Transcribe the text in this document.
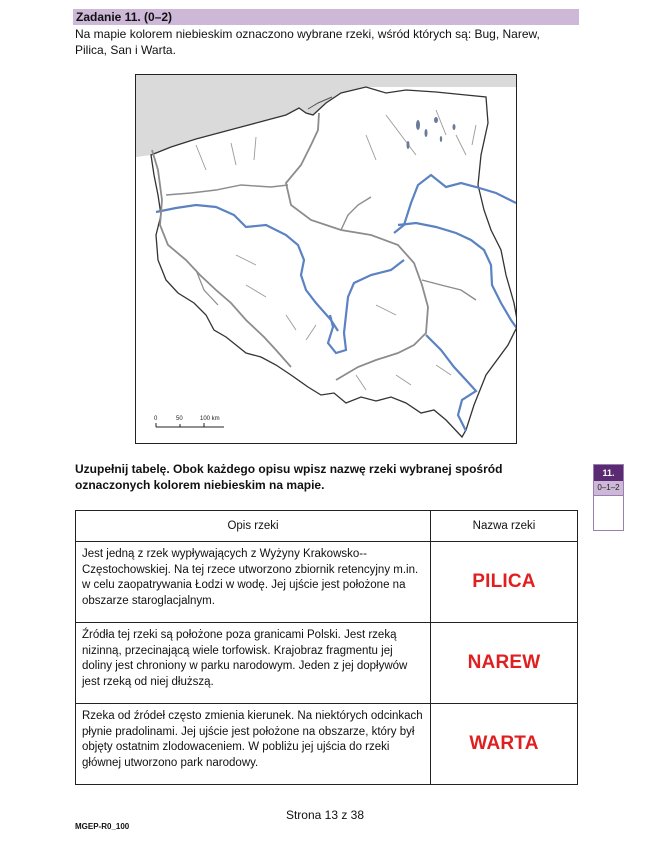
Zadanie 11. (0–2)
Na mapie kolorem niebieskim oznaczono wybrane rzeki, wśród których są: Bug, Narew, Pilica, San i Warta.
0	50	100 km
Uzupełnij tabelę. Obok każdego opisu wpisz nazwę rzeki wybranej spośród oznaczonych kolorem niebieskim na mapie.
11.
0–1–2
Opis rzeki	Nazwa rzeki
Jest jedną z rzek wypływających z Wyżyny Krakowsko--Częstochowskiej. Na tej rzece utworzono zbiornik retencyjny m.in. w celu zaopatrywania Łodzi w wodę. Jej ujście jest położone na obszarze staroglacjalnym.	PILICA
Źródła tej rzeki są położone poza granicami Polski. Jest rzeką nizinną, przecinającą wiele torfowisk. Krajobraz fragmentu jej doliny jest chroniony w parku narodowym. Jeden z jej dopływów jest rzeką od niej dłuższą.	NAREW
Rzeka od źródeł często zmienia kierunek. Na niektórych odcinkach płynie pradolinami. Jej ujście jest położone na obszarze, który był objęty ostatnim zlodowaceniem. W pobliżu jej ujścia do rzeki głównej utworzono park narodowy.	WARTA
Strona 13 z 38
MGEP-R0_100
